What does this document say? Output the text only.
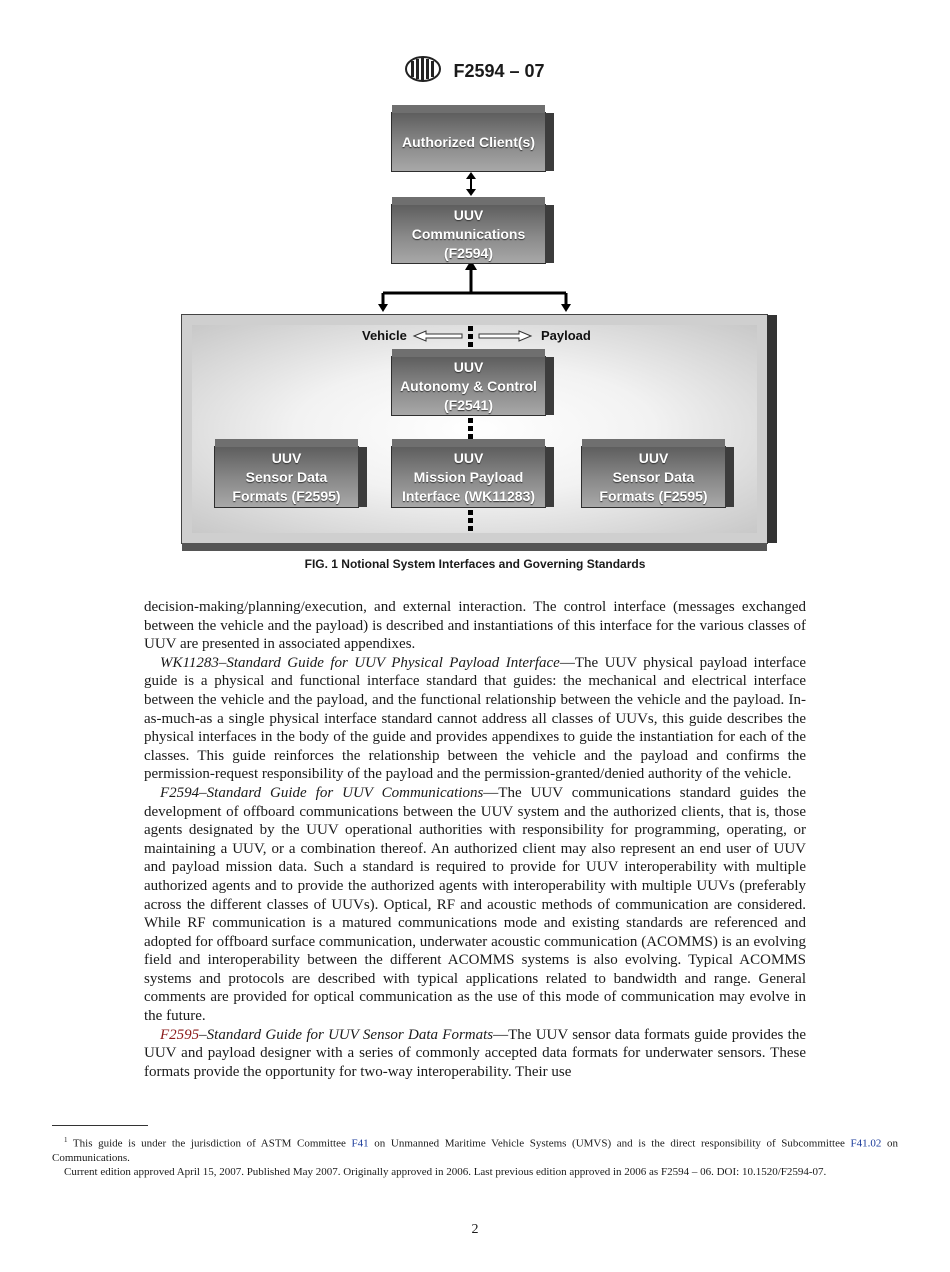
F2594 – 07
Authorized Client(s)
UUV
Communications
(F2594)
Vehicle	Payload
UUV
Autonomy & Control
(F2541)
UUV
Sensor Data
Formats (F2595)
UUV
Mission Payload
Interface (WK11283)
UUV
Sensor Data
Formats (F2595)
FIG. 1 Notional System Interfaces and Governing Standards

decision-making/planning/execution, and external interaction. The control interface (messages exchanged between the vehicle and the payload) is described and instantiations of this interface for the various classes of UUV are presented in associated appendixes.

WK11283–Standard Guide for UUV Physical Payload Interface—The UUV physical payload interface guide is a physical and functional interface standard that guides: the mechanical and electrical interface between the vehicle and the payload, and the functional relationship between the vehicle and the payload. In-as-much-as a single physical interface standard cannot address all classes of UUVs, this guide describes the physical interfaces in the body of the guide and provides appendixes to guide the instantiation for each of the classes. This guide reinforces the relationship between the vehicle and the payload and confirms the permission-request responsibility of the payload and the permission-granted/denied authority of the vehicle.

F2594–Standard Guide for UUV Communications—The UUV communications standard guides the development of offboard communications between the UUV system and the authorized clients, that is, those agents designated by the UUV operational authorities with responsibility for programming, operating, or maintaining a UUV, or a combination thereof. An authorized client may also represent an end user of UUV and payload mission data. Such a standard is required to provide for UUV interoperability with multiple authorized agents and to provide the authorized agents with interoperability with multiple UUVs (preferably across the different classes of UUVs). Optical, RF and acoustic methods of communication are considered. While RF communication is a matured communications mode and existing standards are referenced and adopted for offboard surface communication, underwater acoustic communication (ACOMMS) is an evolving field and interoperability between the different ACOMMS systems is also evolving. Typical ACOMMS systems and protocols are described with typical applications related to bandwidth and range. General comments are provided for optical communication as the use of this mode of communication may evolve in the future.

F2595–Standard Guide for UUV Sensor Data Formats—The UUV sensor data formats guide provides the UUV and payload designer with a series of commonly accepted data formats for underwater sensors. These formats provide the opportunity for two-way interoperability. Their use

$^1$ This guide is under the jurisdiction of ASTM Committee F41 on Unmanned Maritime Vehicle Systems (UMVS) and is the direct responsibility of Subcommittee F41.02 on Communications.

Current edition approved April 15, 2007. Published May 2007. Originally approved in 2006. Last previous edition approved in 2006 as F2594 – 06. DOI: 10.1520/F2594-07.

2
